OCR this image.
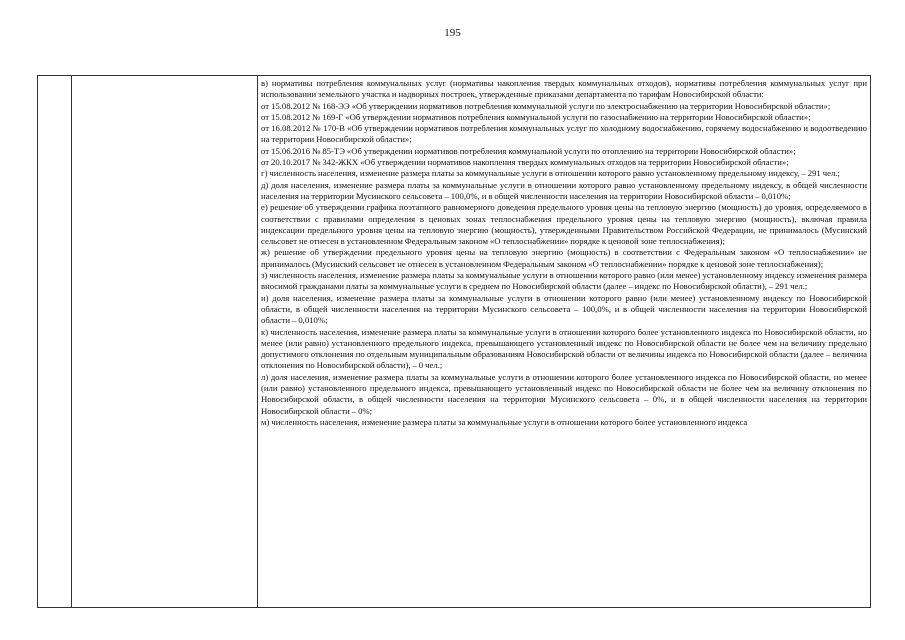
195

в) нормативы потребления коммунальных услуг (нормативы накопления твердых коммунальных отходов), нормативы потребления коммунальных услуг при использовании земельного участка и надворных построек, утвержденные приказами департамента по тарифам Новосибирской области:

от 15.08.2012 № 168-ЭЭ «Об утверждении нормативов потребления коммунальной услуги по электроснабжению на территории Новосибирской области»;

от 15.08.2012 № 169-Г «Об утверждении нормативов потребления коммунальной услуги по газоснабжению на территории Новосибирской области»;

от 16.08.2012 № 170-В «Об утверждении нормативов потребления коммунальных услуг по холодному водоснабжению, горячему водоснабжению и водоотведению на территории Новосибирской области»;

от 15.06.2016 № 85-ТЭ «Об утверждении нормативов потребления коммунальной услуги по отоплению на территории Новосибирской области»;

от 20.10.2017 № 342-ЖКХ «Об утверждении нормативов накопления твердых коммунальных отходов на территории Новосибирской области»;

г) численность населения, изменение размера платы за коммунальные услуги в отношении которого равно установленному предельному индексу, – 291 чел.;

д) доля населения, изменение размера платы за коммунальные услуги в отношении которого равно установленному предельному индексу, в общей численности населения на территории Мусинского сельсовета – 100,0%, и в общей численности населения на территории Новосибирской области – 0,010%;

е) решение об утверждении графика поэтапного равномерного доведения предельного уровня цены на тепловую энергию (мощность) до уровня, определяемого в соответствии с правилами определения в ценовых зонах теплоснабжения предельного уровня цены на тепловую энергию (мощность), включая правила индексации предельного уровня цены на тепловую энергию (мощность), утвержденными Правительством Российской Федерации, не принималось (Мусинский сельсовет не отнесен в установленном Федеральным законом «О теплоснабжении» порядке к ценовой зоне теплоснабжения);

ж) решение об утверждении предельного уровня цены на тепловую энергию (мощность) в соответствии с Федеральным законом «О теплоснабжении» не принималось (Мусинский сельсовет не отнесен в установленном Федеральным законом «О теплоснабжении» порядке к ценовой зоне теплоснабжения);

з) численность населения, изменение размера платы за коммунальные услуги в отношении которого равно (или менее) установленному индексу изменения размера вносимой гражданами платы за коммунальные услуги в среднем по Новосибирской области (далее – индекс по Новосибирской области), – 291 чел.;

и) доля населения, изменение размера платы за коммунальные услуги в отношении которого равно (или менее) установленному индексу по Новосибирской области, в общей численности населения на территории Мусинского сельсовета – 100,0%, и в общей численности населения на территории Новосибирской области – 0,010%;

к) численность населения, изменение размера платы за коммунальные услуги в отношении которого более установленного индекса по Новосибирской области, но менее (или равно) установленного предельного индекса, превышающего установленный индекс по Новосибирской области не более чем на величину предельно допустимого отклонения по отдельным муниципальным образованиям Новосибирской области от величины индекса по Новосибирской области (далее – величина отклонения по Новосибирской области), – 0 чел.;

л) доля населения, изменение размера платы за коммунальные услуги в отношении которого более установленного индекса по Новосибирской области, но менее (или равно) установленного предельного индекса, превышающего установленный индекс по Новосибирской области не более чем на величину отклонения по Новосибирской области, в общей численности населения на территории Мусинского сельсовета – 0%, и в общей численности населения на территории Новосибирской области – 0%;

м) численность населения, изменение размера платы за коммунальные услуги в отношении которого более установленного индекса
